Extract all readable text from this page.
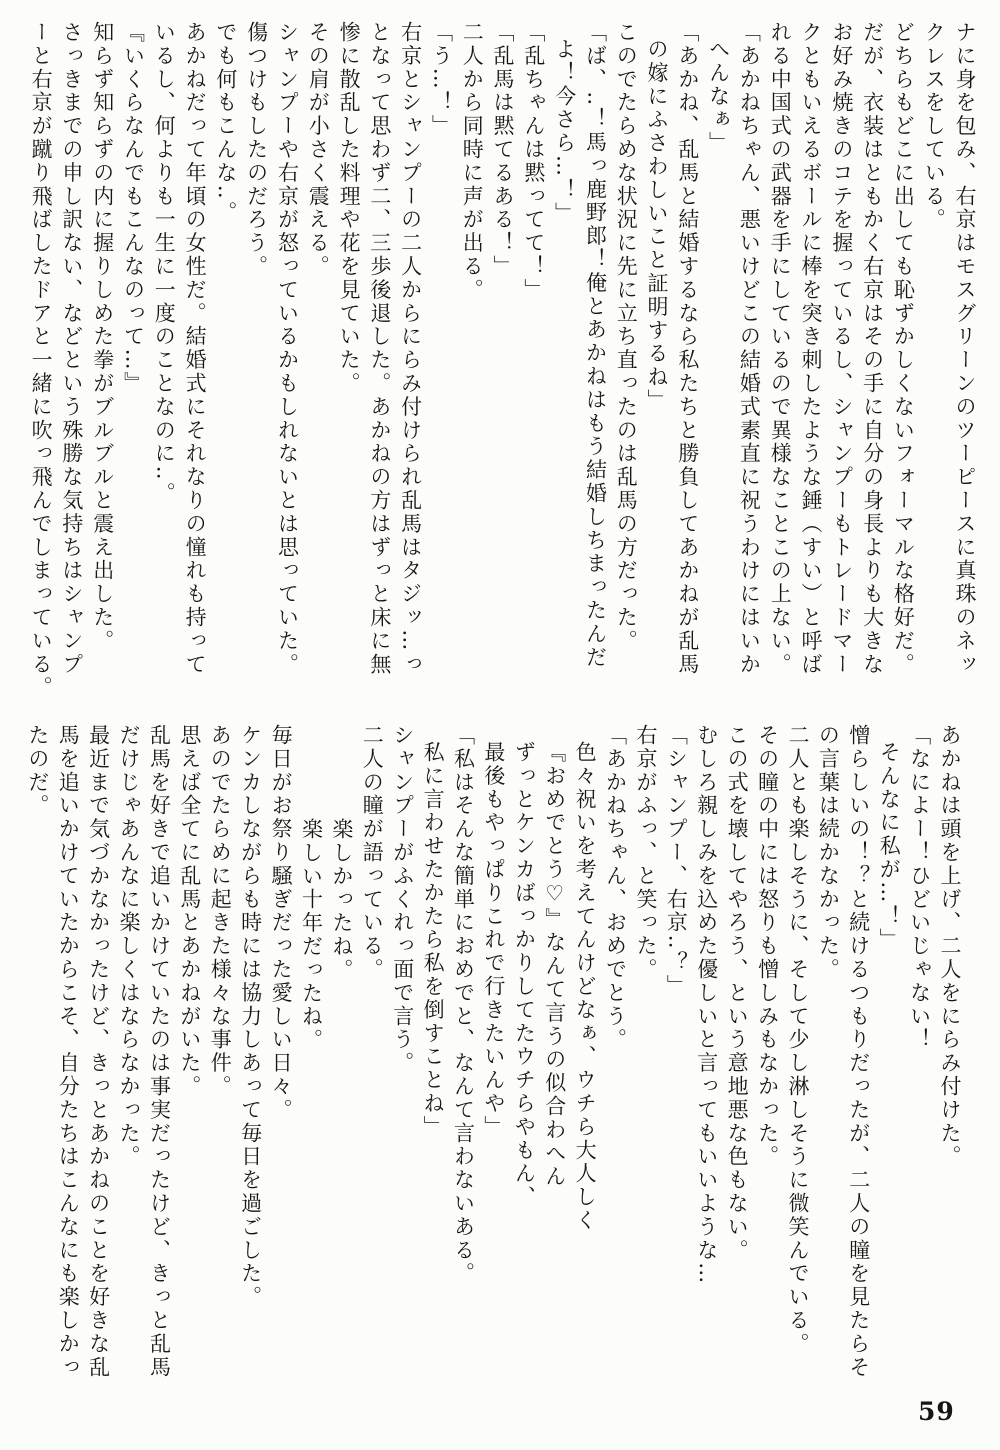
ナに身を包み、右京はモスグリーンのツーピースに真珠のネッ
クレスをしている。
どちらもどこに出しても恥ずかしくないフォーマルな格好だ。
だが、衣装はともかく右京はその手に自分の身長よりも大きな
お好み焼きのコテを握っているし、シャンプーもトレードマー
クともいえるボールに棒を突き刺したような錘（すい）と呼ば
れる中国式の武器を手にしているので異様なことこの上ない。
「あかねちゃん、悪いけどこの結婚式素直に祝うわけにはいか
へんなぁ」
「あかね、乱馬と結婚するなら私たちと勝負してあかねが乱馬
の嫁にふさわしいこと証明するね」
このでたらめな状況に先に立ち直ったのは乱馬の方だった。
「ば、‥！馬っ鹿野郎！俺とあかねはもう結婚しちまったんだ
よ！今さら…！」
「乱ちゃんは黙ってて！」
「乱馬は黙てるある！」
二人から同時に声が出る。
「う…！」
右京とシャンプーの二人からにらみ付けられ乱馬はタジッ…っ
となって思わず二、三歩後退した。あかねの方はずっと床に無
惨に散乱した料理や花を見ていた。
その肩が小さく震える。
シャンプーや右京が怒っているかもしれないとは思っていた。
傷つけもしたのだろう。
でも何もこんな‥。
あかねだって年頃の女性だ。結婚式にそれなりの憧れも持って
いるし、何よりも一生に一度のことなのに‥。
『いくらなんでもこんなのって…』
知らず知らずの内に握りしめた拳がブルブルと震え出した。
さっきまでの申し訳ない、などという殊勝な気持ちはシャンプ
ーと右京が蹴り飛ばしたドアと一緒に吹っ飛んでしまっている。
あかねは頭を上げ、二人をにらみ付けた。
「なによー！ひどいじゃない！
そんなに私が…！」
憎らしいの！？と続けるつもりだったが、二人の瞳を見たらそ
の言葉は続かなかった。
二人とも楽しそうに、そして少し淋しそうに微笑んでいる。
その瞳の中には怒りも憎しみもなかった。
この式を壊してやろう、という意地悪な色もない。
むしろ親しみを込めた優しいと言ってもいいような…
「シャンプー、右京‥？」
右京がふっ、と笑った。
「あかねちゃん、おめでとう。
色々祝いを考えてんけどなぁ、ウチら大人しく
『おめでとう♡』なんて言うの似合わへん
ずっとケンカばっかりしてたウチらやもん、
最後もやっぱりこれで行きたいんや」
「私はそんな簡単におめでと、なんて言わないある。
私に言わせたかたら私を倒すことね」
シャンプーがふくれっ面で言う。
二人の瞳が語っている。
楽しかったね。
楽しい十年だったね。
毎日がお祭り騒ぎだった愛しい日々。
ケンカしながらも時には協力しあって毎日を過ごした。
あのでたらめに起きた様々な事件。
思えば全てに乱馬とあかねがいた。
乱馬を好きで追いかけていたのは事実だったけど、きっと乱馬
だけじゃあんなに楽しくはならなかった。
最近まで気づかなかったけど、きっとあかねのことを好きな乱
馬を追いかけていたからこそ、自分たちはこんなにも楽しかっ
たのだ。
59
